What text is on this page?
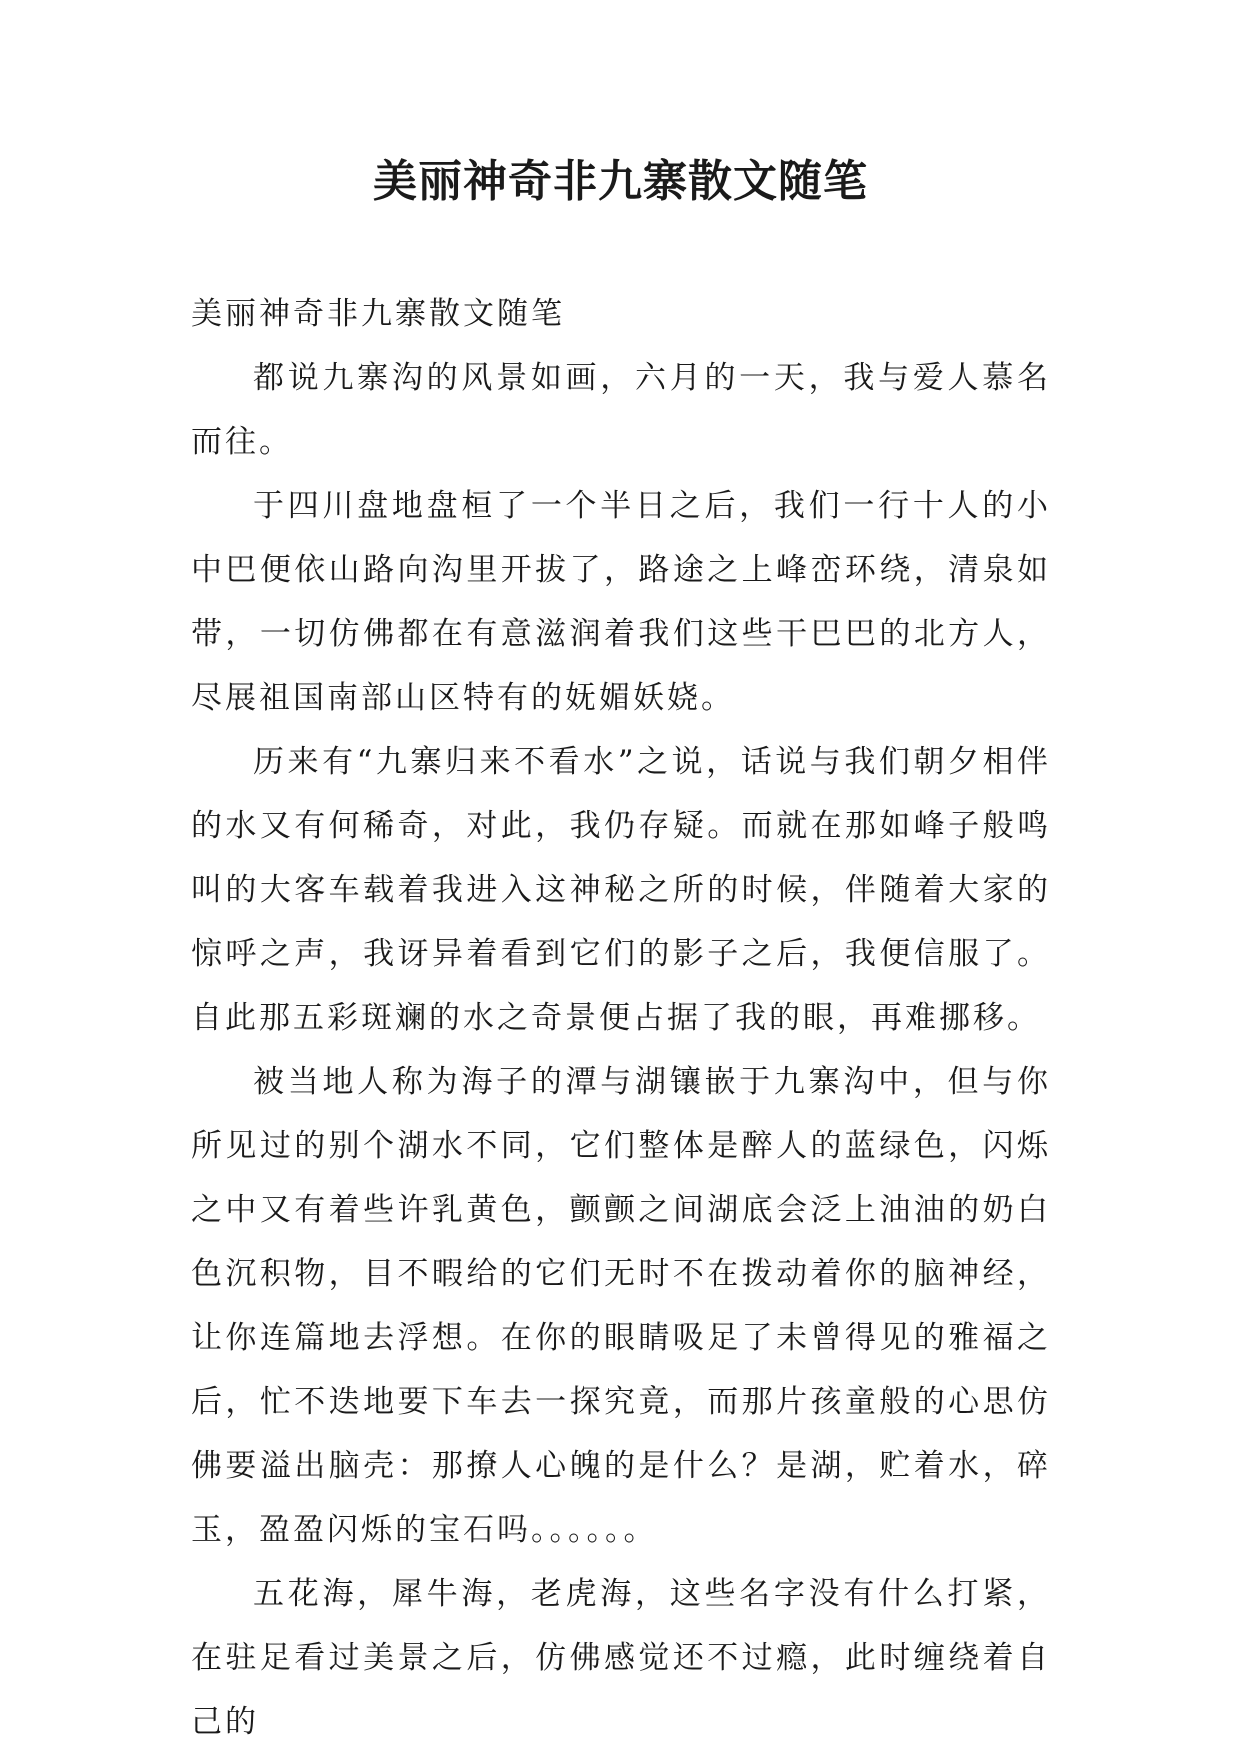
美丽神奇非九寨散文随笔

美丽神奇非九寨散文随笔

都说九寨沟的风景如画，六月的一天，我与爱人慕名而往。

于四川盘地盘桓了一个半日之后，我们一行十人的小中巴便依山路向沟里开拔了，路途之上峰峦环绕，清泉如带，一切仿佛都在有意滋润着我们这些干巴巴的北方人，尽展祖国南部山区特有的妩媚妖娆。

历来有“九寨归来不看水”之说，话说与我们朝夕相伴的水又有何稀奇，对此，我仍存疑。而就在那如峰子般鸣叫的大客车载着我进入这神秘之所的时候，伴随着大家的惊呼之声，我讶异着看到它们的影子之后，我便信服了。自此那五彩斑斓的水之奇景便占据了我的眼，再难挪移。

被当地人称为海子的潭与湖镶嵌于九寨沟中，但与你所见过的别个湖水不同，它们整体是醉人的蓝绿色，闪烁之中又有着些许乳黄色，颤颤之间湖底会泛上油油的奶白色沉积物，目不暇给的它们无时不在拨动着你的脑神经，让你连篇地去浮想。在你的眼睛吸足了未曾得见的雅福之后，忙不迭地要下车去一探究竟，而那片孩童般的心思仿佛要溢出脑壳：那撩人心魄的是什么？是湖，贮着水，碎玉，盈盈闪烁的宝石吗。。。。。。

五花海，犀牛海，老虎海，这些名字没有什么打紧，在驻足看过美景之后，仿佛感觉还不过瘾，此时缠绕着自己的
